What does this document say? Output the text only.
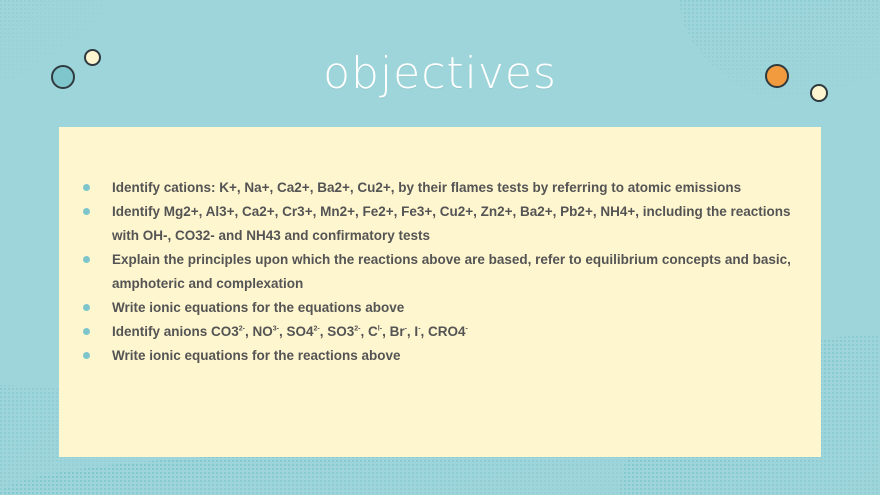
objectives
Identify cations: K+, Na+, Ca2+, Ba2+, Cu2+, by their flames tests by referring to atomic emissions
Identify Mg2+, Al3+, Ca2+, Cr3+, Mn2+, Fe2+, Fe3+, Cu2+, Zn2+, Ba2+, Pb2+, NH4+, including the reactions with OH-, CO32- and NH43 and confirmatory tests
Explain the principles upon which the reactions above are based, refer to equilibrium concepts and basic, amphoteric and complexation
Write ionic equations for the equations above
Identify anions $CO3^{2-}$, $NO^{3-}$, $SO4^{2-}$, $SO3^{2-}$, $C^{l-}$, Br-, I-, CRO4-
Write ionic equations for the reactions above
